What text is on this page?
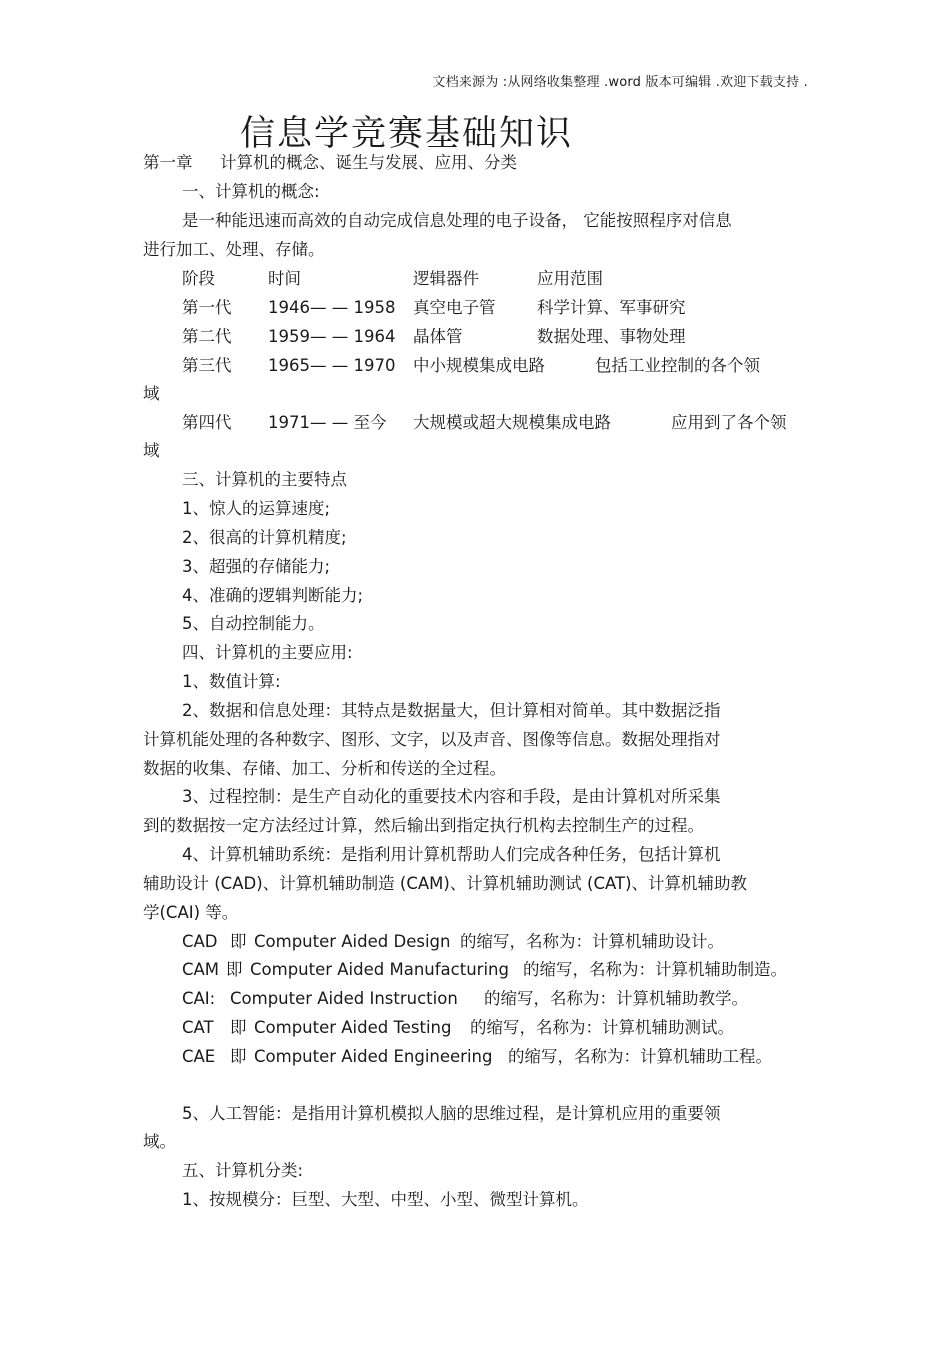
文档来源为 :从网络收集整理 .word 版本可编辑 .欢迎下载支持 .
信息学竞赛基础知识
第一章 计算机的概念、诞生与发展、应用、分类
一、计算机的概念:
是一种能迅速而高效的自动完成信息处理的电子设备， 它能按照程序对信息
进行加工、处理、存储。
阶段	时间	逻辑器件	应用范围
第一代 1946— — 1958 真空电子管	科学计算、军事研究
第二代 1959— — 1964 晶体管	数据处理、事物处理
第三代 1965— — 1970 中小规模集成电路	包括工业控制的各个领
域
第四代 1971— — 至今 大规模或超大规模集成电路	应用到了各个领
域
三、计算机的主要特点
1、惊人的运算速度;
2、很高的计算机精度;
3、超强的存储能力;
4、准确的逻辑判断能力;
5、自动控制能力。
四、计算机的主要应用:
1、数值计算:
2、数据和信息处理：其特点是数据量大，但计算相对简单。其中数据泛指
计算机能处理的各种数字、图形、文字，以及声音、图像等信息。数据处理指对
数据的收集、存储、加工、分析和传送的全过程。
3、过程控制：是生产自动化的重要技术内容和手段，是由计算机对所采集
到的数据按一定方法经过计算，然后输出到指定执行机构去控制生产的过程。
4、计算机辅助系统：是指利用计算机帮助人们完成各种任务，包括计算机
辅助设计 (CAD)、计算机辅助制造 (CAM)、计算机辅助测试 (CAT)、计算机辅助教
学(CAI) 等。
CAD 即 Computer Aided Design 的缩写，名称为：计算机辅助设计。
CAM 即 Computer Aided Manufacturing 的缩写，名称为：计算机辅助制造。
CAI: Computer Aided Instruction 的缩写，名称为：计算机辅助教学。
CAT 即 Computer Aided Testing 的缩写，名称为：计算机辅助测试。
CAE 即 Computer Aided Engineering 的缩写，名称为：计算机辅助工程。
5、人工智能：是指用计算机模拟人脑的思维过程，是计算机应用的重要领
域。
五、计算机分类:
1、按规模分：巨型、大型、中型、小型、微型计算机。
